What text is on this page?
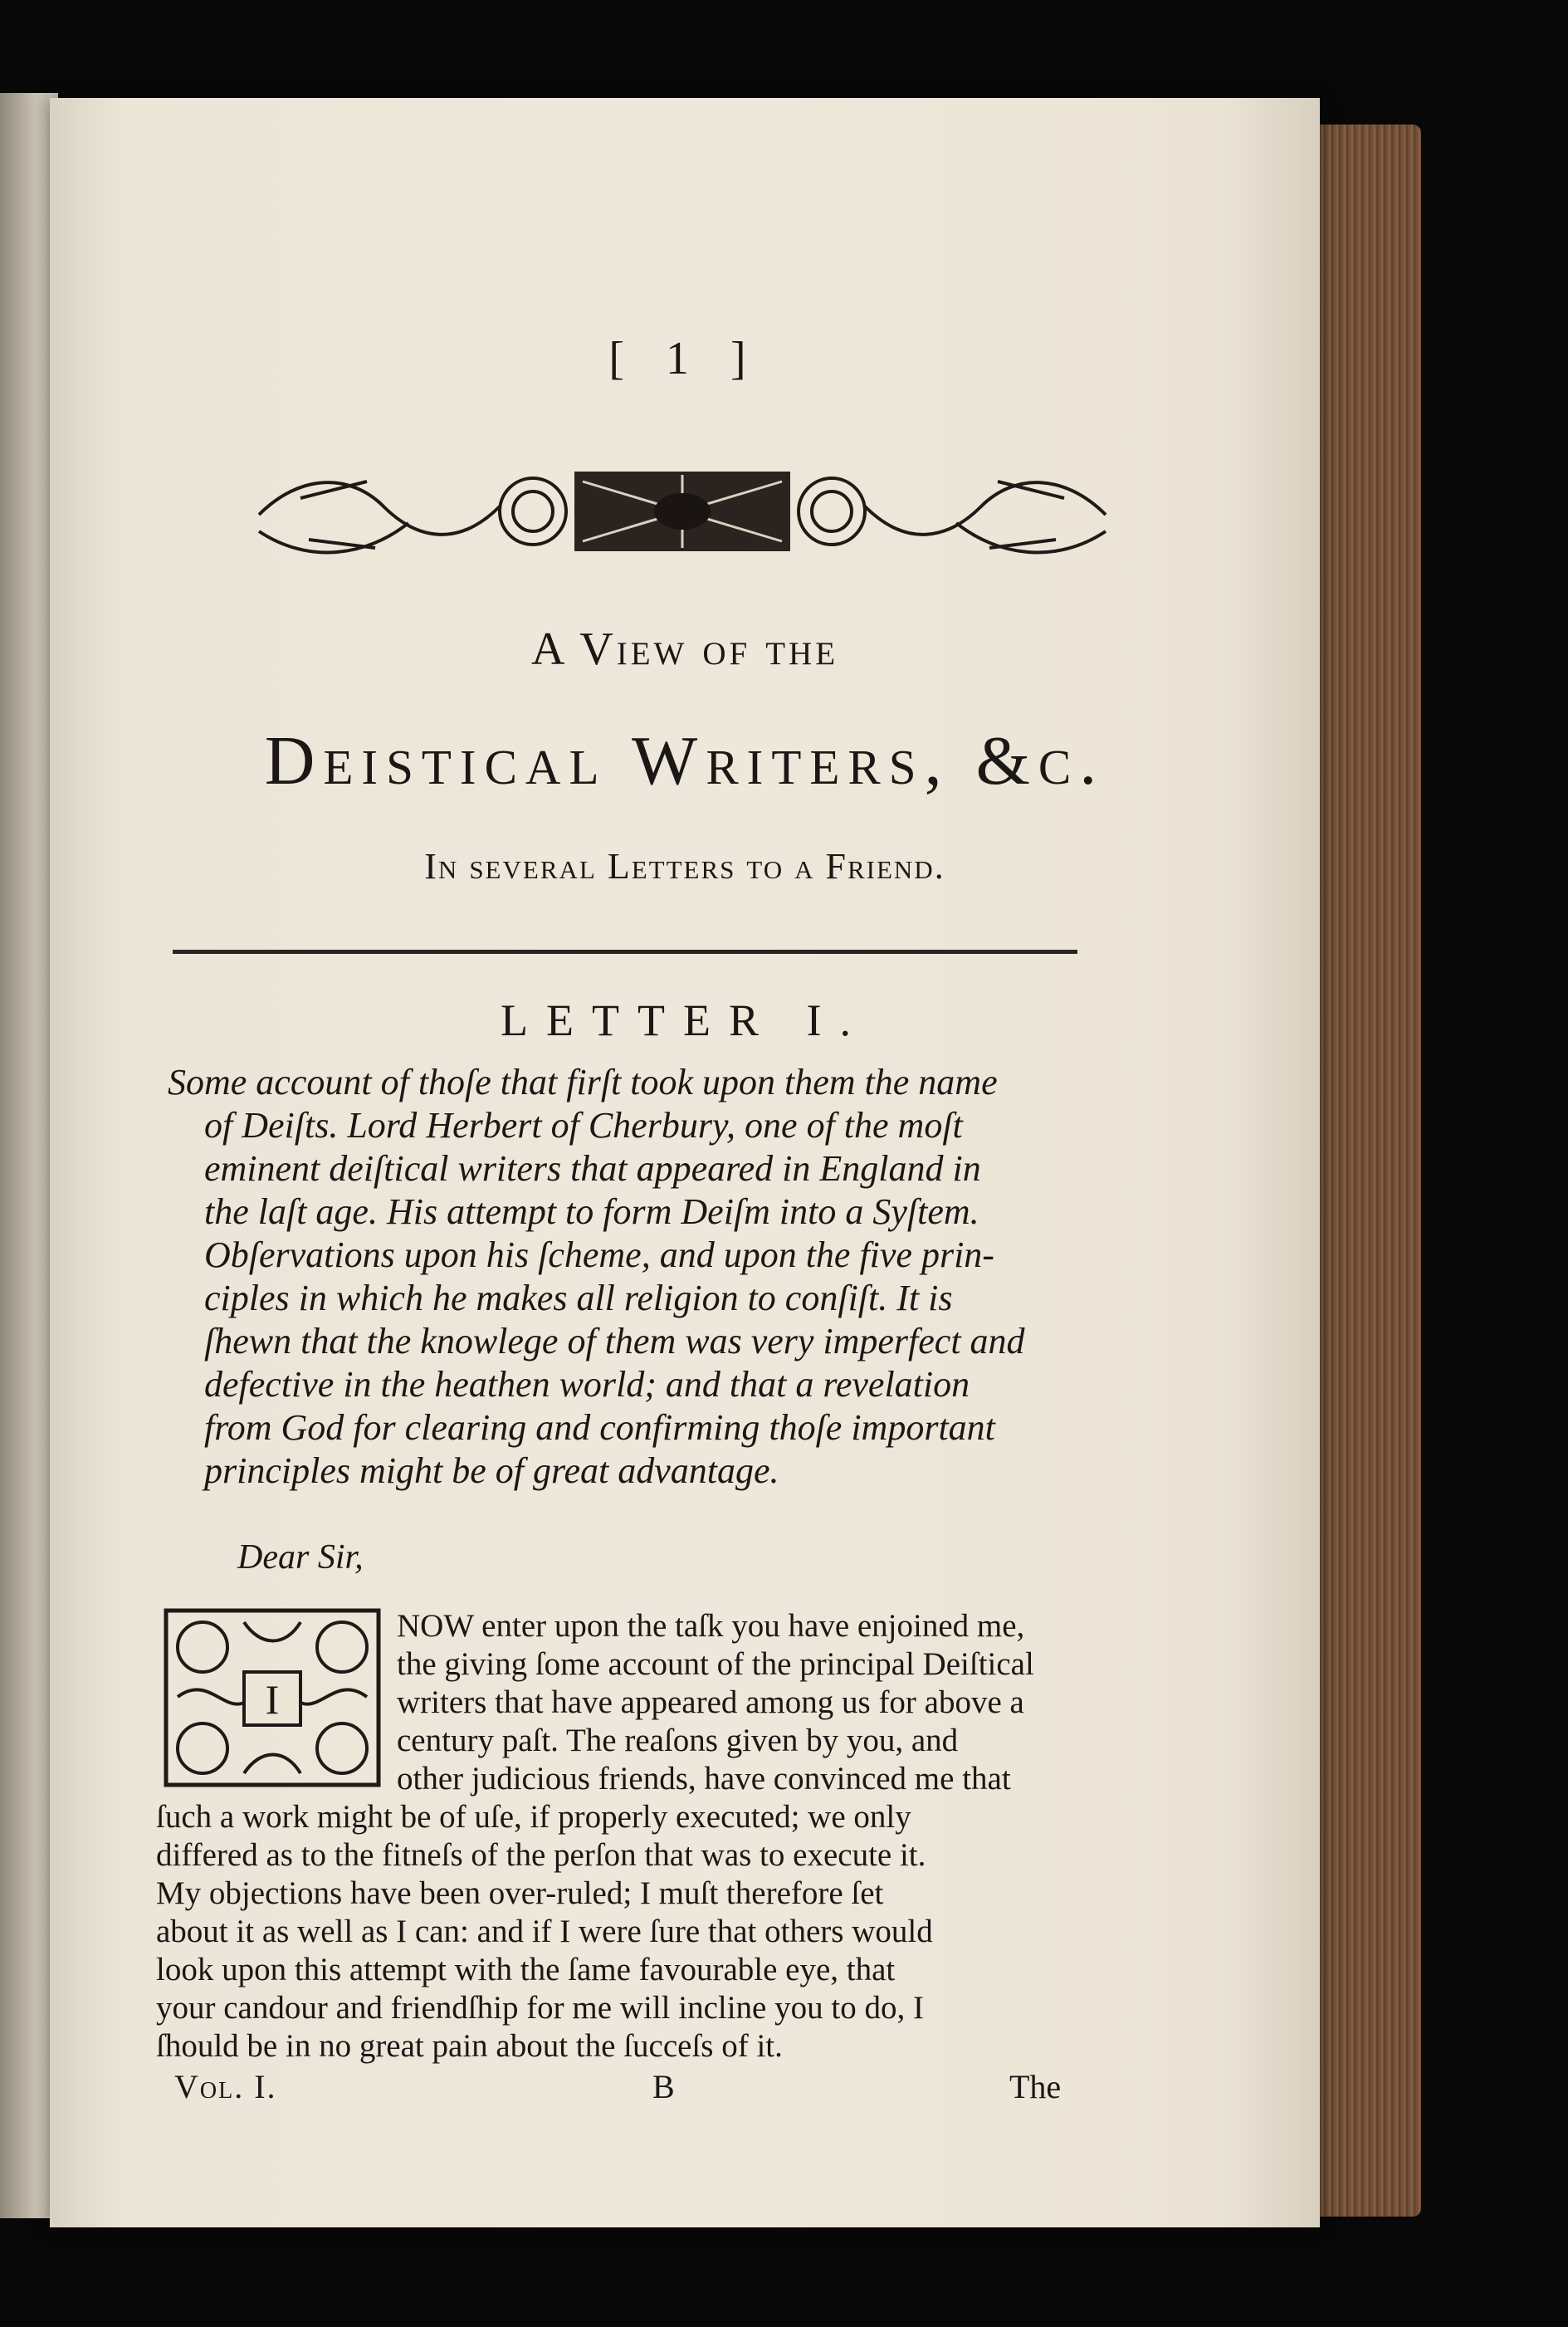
[ 1 ]
A View of the
Deistical Writers, &c.
In ſeveral Letters to a Friend.
LETTER I.
Some account of thoſe that firſt took upon them the name
of Deiſts. Lord Herbert of Cherbury, one of the moſt
eminent deiſtical writers that appeared in England in
the laſt age. His attempt to form Deiſm into a Syſtem.
Obſervations upon his ſcheme, and upon the five prin-
ciples in which he makes all religion to conſiſt. It is
ſhewn that the knowlege of them was very imperfect and
defective in the heathen world; and that a revelation
from God for clearing and confirming thoſe important
principles might be of great advantage.
Dear Sir,
I
NOW enter upon the taſk you have enjoined me,
the giving ſome account of the principal Deiſtical
writers that have appeared among us for above a
century paſt. The reaſons given by you, and
other judicious friends, have convinced me that
ſuch a work might be of uſe, if properly executed; we only
differed as to the fitneſs of the perſon that was to execute it.
My objections have been over-ruled; I muſt therefore ſet
about it as well as I can: and if I were ſure that others would
look upon this attempt with the ſame favourable eye, that
your candour and friendſhip for me will incline you to do, I
ſhould be in no great pain about the ſucceſs of it.
Vol. I.	B	The
